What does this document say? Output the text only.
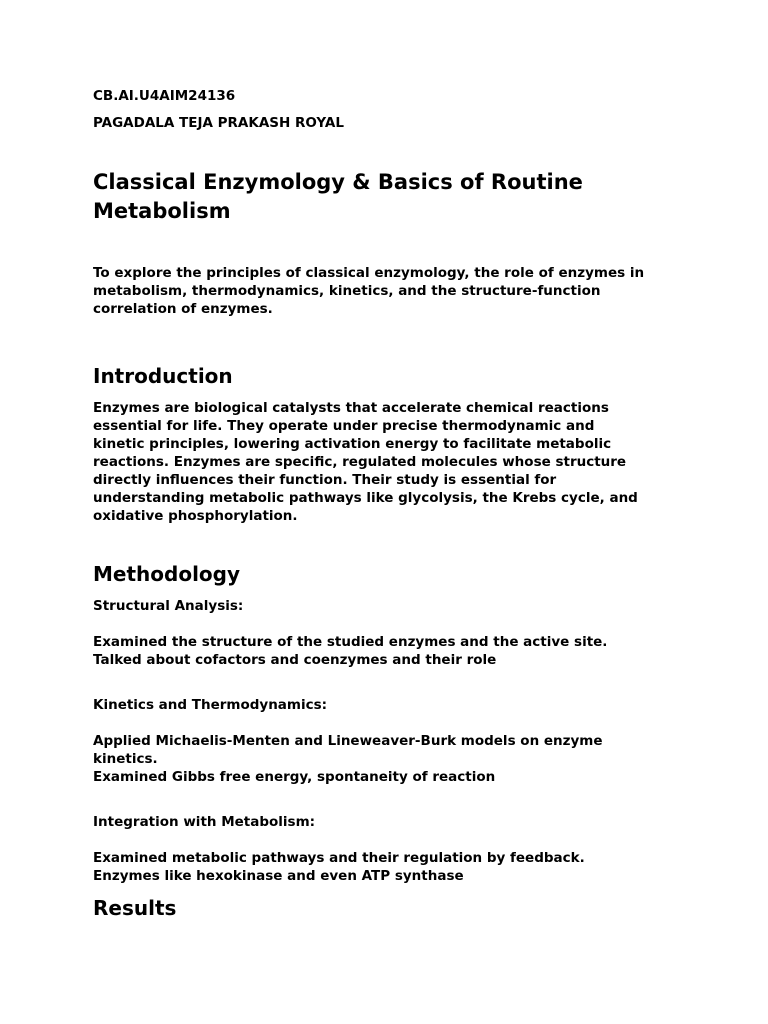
CB.AI.U4AIM24136

PAGADALA TEJA PRAKASH ROYAL

Classical Enzymology & Basics of Routine
Metabolism
To explore the principles of classical enzymology, the role of enzymes in
metabolism, thermodynamics, kinetics, and the structure-function
correlation of enzymes.
Introduction
Enzymes are biological catalysts that accelerate chemical reactions
essential for life. They operate under precise thermodynamic and
kinetic principles, lowering activation energy to facilitate metabolic
reactions. Enzymes are specific, regulated molecules whose structure
directly influences their function. Their study is essential for
understanding metabolic pathways like glycolysis, the Krebs cycle, and
oxidative phosphorylation.
Methodology

Structural Analysis:

Examined the structure of the studied enzymes and the active site.
Talked about cofactors and coenzymes and their role

Kinetics and Thermodynamics:

Applied Michaelis-Menten and Lineweaver-Burk models on enzyme
kinetics.
Examined Gibbs free energy, spontaneity of reaction

Integration with Metabolism:

Examined metabolic pathways and their regulation by feedback.
Enzymes like hexokinase and even ATP synthase
Results
